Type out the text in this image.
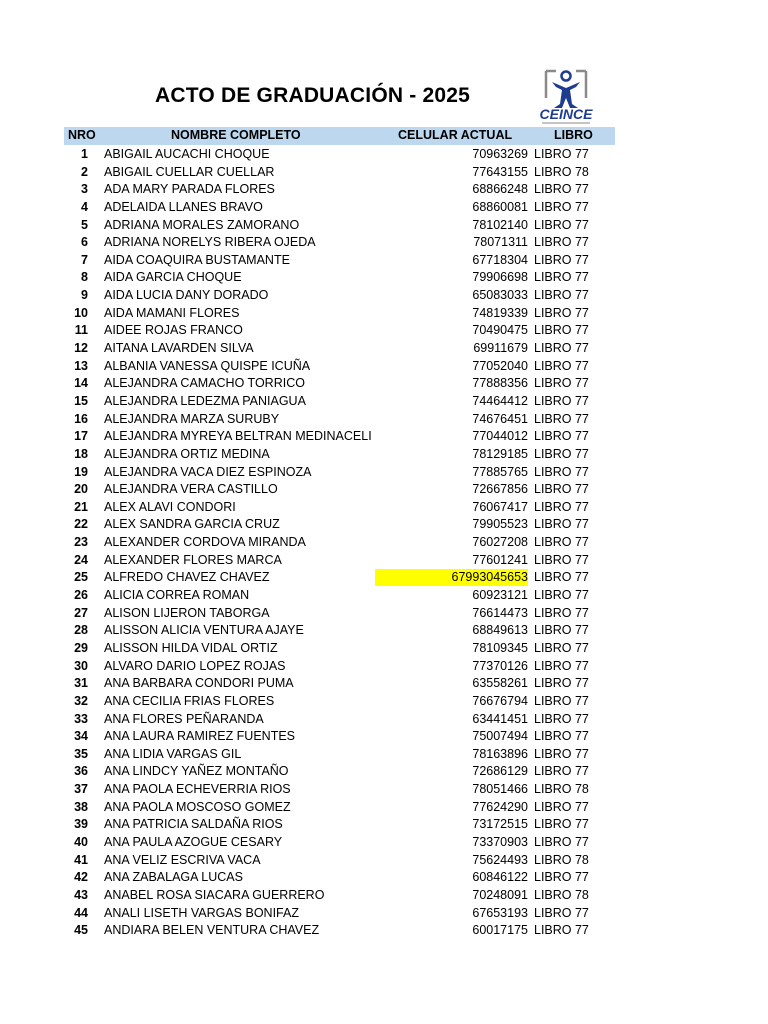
ACTO DE GRADUACIÓN - 2025
CEINCE
NRO	NOMBRE COMPLETO	CELULAR ACTUAL	LIBRO
1 ABIGAIL AUCACHI CHOQUE	70963269 LIBRO 77
2 ABIGAIL CUELLAR CUELLAR	77643155 LIBRO 78
3 ADA MARY PARADA FLORES	68866248 LIBRO 77
4 ADELAIDA LLANES BRAVO	68860081 LIBRO 77
5 ADRIANA MORALES ZAMORANO	78102140 LIBRO 77
6 ADRIANA NORELYS RIBERA OJEDA	78071311 LIBRO 77
7 AIDA COAQUIRA BUSTAMANTE	67718304 LIBRO 77
8 AIDA GARCIA CHOQUE	79906698 LIBRO 77
9 AIDA LUCIA DANY DORADO	65083033 LIBRO 77
10 AIDA MAMANI FLORES	74819339 LIBRO 77
11 AIDEE ROJAS FRANCO	70490475 LIBRO 77
12 AITANA LAVARDEN SILVA	69911679 LIBRO 77
13 ALBANIA VANESSA QUISPE ICUÑA	77052040 LIBRO 77
14 ALEJANDRA CAMACHO TORRICO	77888356 LIBRO 77
15 ALEJANDRA LEDEZMA PANIAGUA	74464412 LIBRO 77
16 ALEJANDRA MARZA SURUBY	74676451 LIBRO 77
17 ALEJANDRA MYREYA BELTRAN MEDINACELI	77044012 LIBRO 77
18 ALEJANDRA ORTIZ MEDINA	78129185 LIBRO 77
19 ALEJANDRA VACA DIEZ ESPINOZA	77885765 LIBRO 77
20 ALEJANDRA VERA CASTILLO	72667856 LIBRO 77
21 ALEX ALAVI CONDORI	76067417 LIBRO 77
22 ALEX SANDRA GARCIA CRUZ	79905523 LIBRO 77
23 ALEXANDER CORDOVA MIRANDA	76027208 LIBRO 77
24 ALEXANDER FLORES MARCA	77601241 LIBRO 77
25 ALFREDO CHAVEZ CHAVEZ	67993045653 LIBRO 77
26 ALICIA CORREA ROMAN	60923121 LIBRO 77
27 ALISON LIJERON TABORGA	76614473 LIBRO 77
28 ALISSON ALICIA VENTURA AJAYE	68849613 LIBRO 77
29 ALISSON HILDA VIDAL ORTIZ	78109345 LIBRO 77
30 ALVARO DARIO LOPEZ ROJAS	77370126 LIBRO 77
31 ANA BARBARA CONDORI PUMA	63558261 LIBRO 77
32 ANA CECILIA FRIAS FLORES	76676794 LIBRO 77
33 ANA FLORES PEÑARANDA	63441451 LIBRO 77
34 ANA LAURA RAMIREZ FUENTES	75007494 LIBRO 77
35 ANA LIDIA VARGAS GIL	78163896 LIBRO 77
36 ANA LINDCY YAÑEZ MONTAÑO	72686129 LIBRO 77
37 ANA PAOLA ECHEVERRIA RIOS	78051466 LIBRO 78
38 ANA PAOLA MOSCOSO GOMEZ	77624290 LIBRO 77
39 ANA PATRICIA SALDAÑA RIOS	73172515 LIBRO 77
40 ANA PAULA AZOGUE CESARY	73370903 LIBRO 77
41 ANA VELIZ ESCRIVA VACA	75624493 LIBRO 78
42 ANA ZABALAGA LUCAS	60846122 LIBRO 77
43 ANABEL ROSA SIACARA GUERRERO	70248091 LIBRO 78
44 ANALI LISETH VARGAS BONIFAZ	67653193 LIBRO 77
45 ANDIARA BELEN VENTURA CHAVEZ	60017175 LIBRO 77
